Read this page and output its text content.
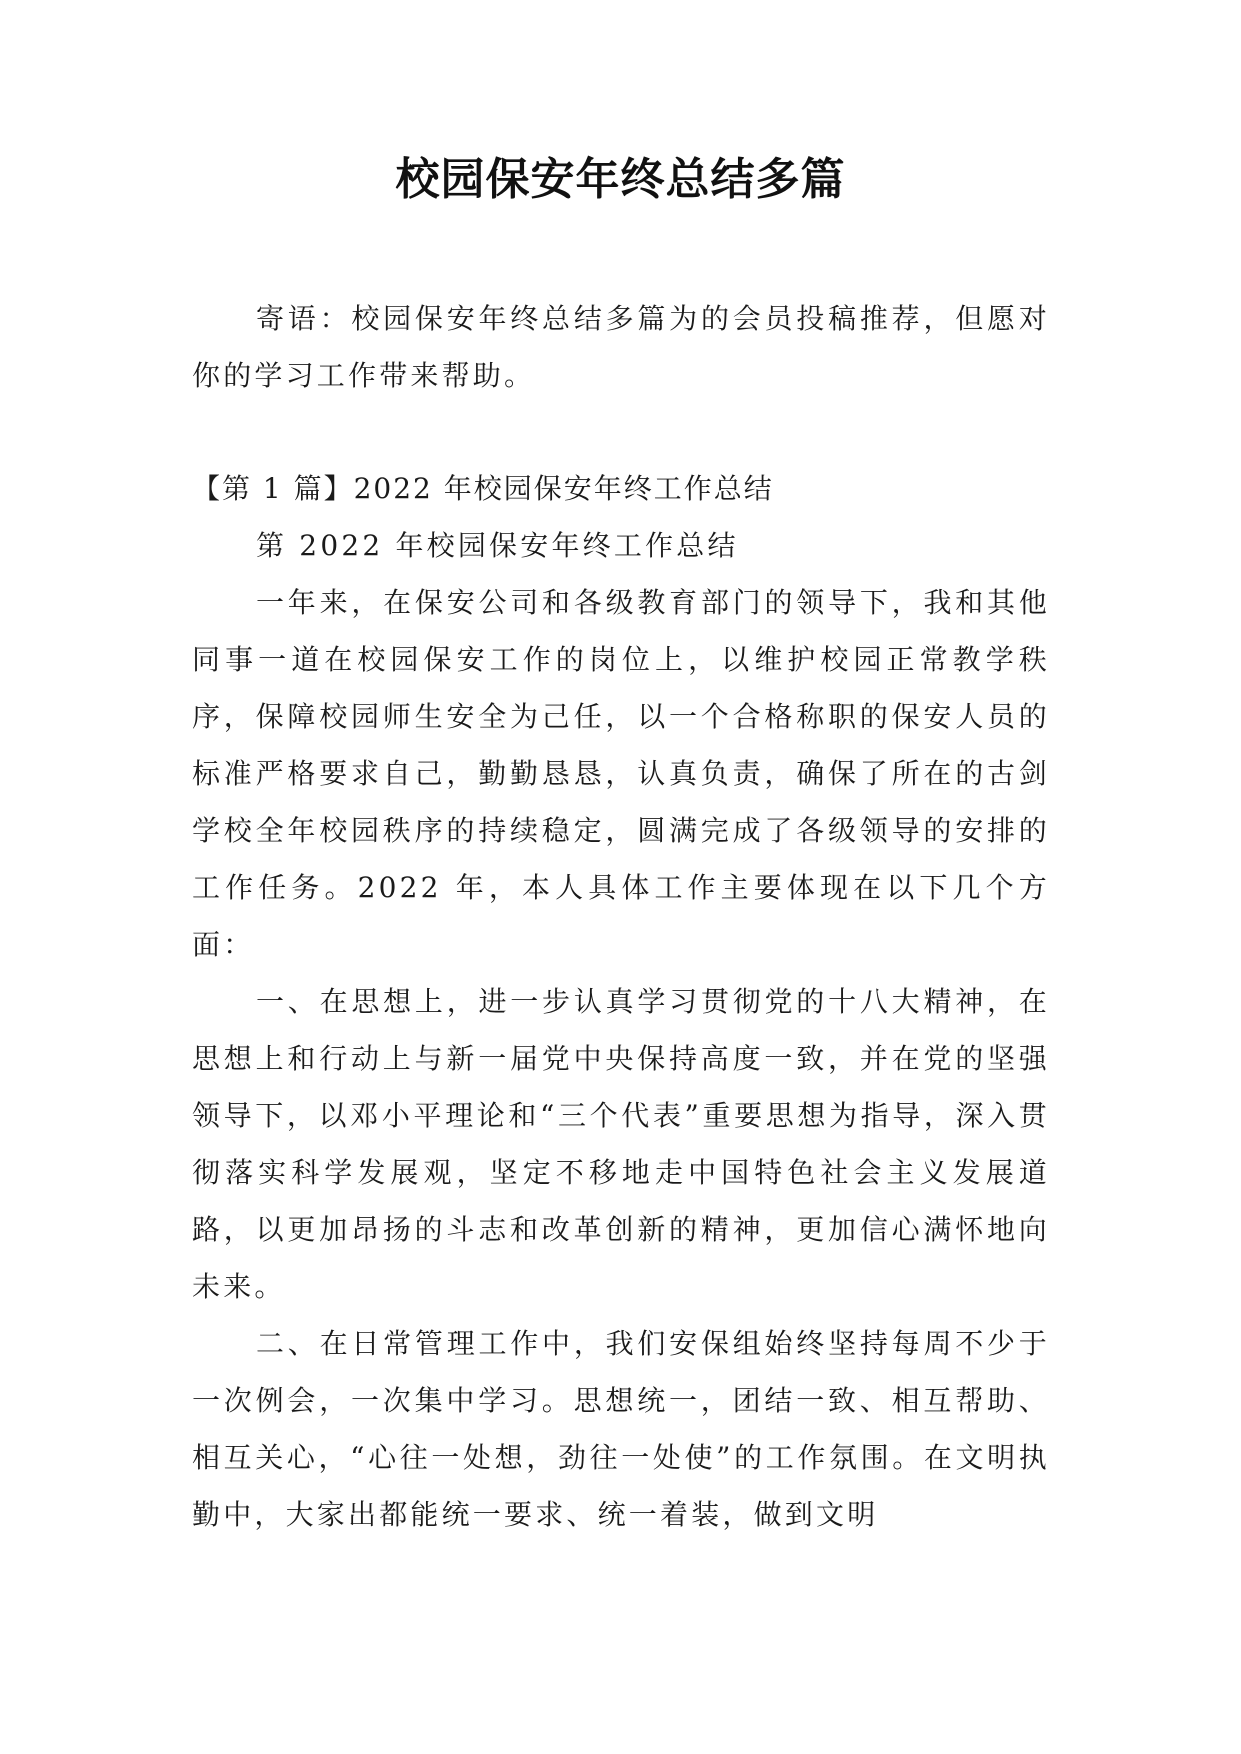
校园保安年终总结多篇

寄语：校园保安年终总结多篇为的会员投稿推荐，但愿对你的学习工作带来帮助。

【第 1 篇】2022 年校园保安年终工作总结

第 2022 年校园保安年终工作总结

一年来，在保安公司和各级教育部门的领导下，我和其他同事一道在校园保安工作的岗位上，以维护校园正常教学秩序，保障校园师生安全为己任，以一个合格称职的保安人员的标准严格要求自己，勤勤恳恳，认真负责，确保了所在的古剑学校全年校园秩序的持续稳定，圆满完成了各级领导的安排的工作任务。2022 年，本人具体工作主要体现在以下几个方面：

一、在思想上，进一步认真学习贯彻党的十八大精神，在思想上和行动上与新一届党中央保持高度一致，并在党的坚强领导下，以邓小平理论和“三个代表”重要思想为指导，深入贯彻落实科学发展观，坚定不移地走中国特色社会主义发展道路，以更加昂扬的斗志和改革创新的精神，更加信心满怀地向未来。

二、在日常管理工作中，我们安保组始终坚持每周不少于一次例会，一次集中学习。思想统一，团结一致、相互帮助、相互关心，“心往一处想，劲往一处使”的工作氛围。在文明执勤中，大家出都能统一要求、统一着装，做到文明
